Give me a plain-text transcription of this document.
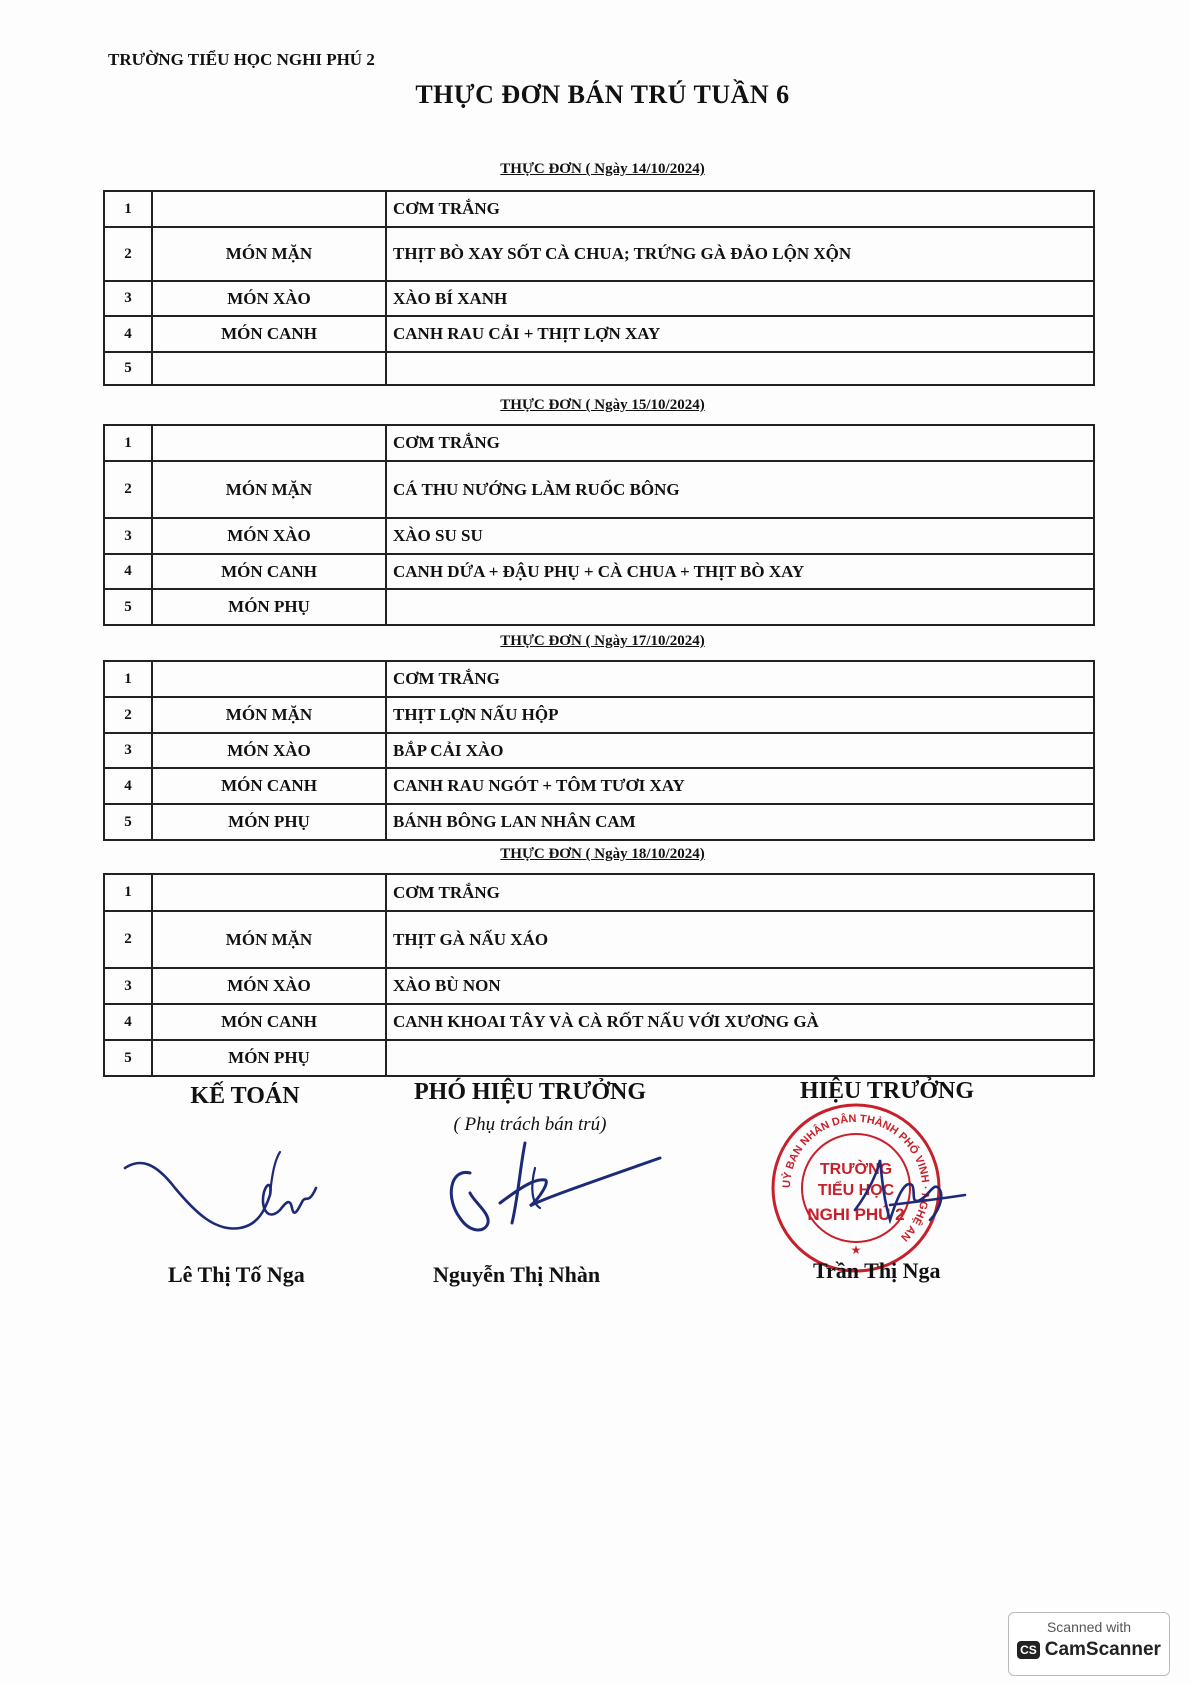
TRƯỜNG TIỂU HỌC NGHI PHÚ 2
THỰC ĐƠN BÁN TRÚ TUẦN 6
THỰC ĐƠN ( Ngày 14/10/2024)
1		CƠM TRẮNG
2	MÓN MẶN	THỊT BÒ XAY SỐT CÀ CHUA; TRỨNG GÀ ĐẢO LỘN XỘN
3	MÓN XÀO	XÀO BÍ XANH
4	MÓN CANH	CANH RAU CẢI + THỊT LỢN XAY
5		
THỰC ĐƠN ( Ngày 15/10/2024)
1		CƠM TRẮNG
2	MÓN MẶN	CÁ THU NƯỚNG LÀM RUỐC BÔNG
3	MÓN XÀO	XÀO SU SU
4	MÓN CANH	CANH DỨA + ĐẬU PHỤ + CÀ CHUA + THỊT BÒ XAY
5	MÓN PHỤ	
THỰC ĐƠN ( Ngày 17/10/2024)
1		CƠM TRẮNG
2	MÓN MẶN	THỊT LỢN NẤU HỘP
3	MÓN XÀO	BẮP CẢI XÀO
4	MÓN CANH	CANH RAU NGÓT + TÔM TƯƠI XAY
5	MÓN PHỤ	BÁNH BÔNG LAN NHÂN CAM
THỰC ĐƠN ( Ngày 18/10/2024)
1		CƠM TRẮNG
2	MÓN MẶN	THỊT GÀ NẤU XÁO
3	MÓN XÀO	XÀO BÙ NON
4	MÓN CANH	CANH KHOAI TÂY VÀ CÀ RỐT NẤU VỚI XƯƠNG GÀ
5	MÓN PHỤ	
KẾ TOÁN	PHÓ HIỆU TRƯỞNG
( Phụ trách bán trú)
HIỆU TRƯỞNG
UỶ BAN NHÂN DÂN THÀNH PHỐ VINH · NGHỆ AN
TRƯỜNG
TIỂU HỌC
NGHI PHÚ 2
★
Lê Thị Tố Nga	Nguyễn Thị Nhàn	Trần Thị Nga
Scanned with
CS CamScanner
